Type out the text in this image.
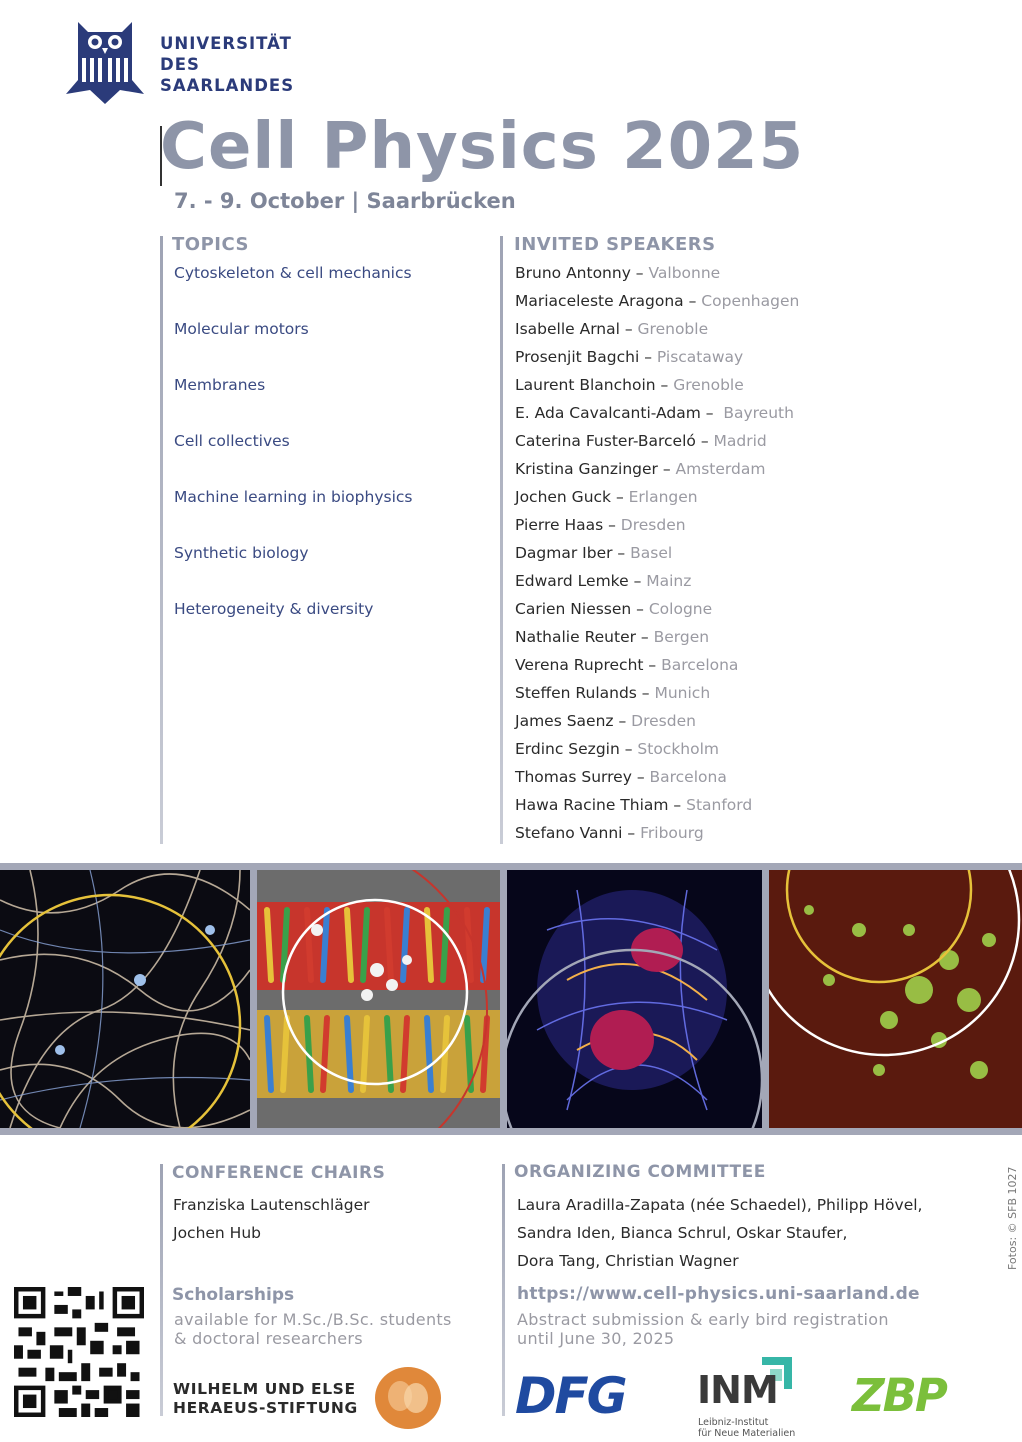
UNIVERSITÄT
DES
SAARLANDES
Cell Physics 2025
7. - 9. October | Saarbrücken
TOPICS
Cytoskeleton & cell mechanics
Molecular motors
Membranes
Cell collectives
Machine learning in biophysics
Synthetic biology
Heterogeneity & diversity
INVITED SPEAKERS
Bruno Antonny – Valbonne
Mariaceleste Aragona – Copenhagen
Isabelle Arnal – Grenoble
Prosenjit Bagchi – Piscataway
Laurent Blanchoin – Grenoble
E. Ada Cavalcanti-Adam –  Bayreuth
Caterina Fuster-Barceló – Madrid
Kristina Ganzinger – Amsterdam
Jochen Guck – Erlangen
Pierre Haas – Dresden
Dagmar Iber – Basel
Edward Lemke – Mainz
Carien Niessen – Cologne
Nathalie Reuter – Bergen
Verena Ruprecht – Barcelona
Steffen Rulands – Munich
James Saenz – Dresden
Erdinc Sezgin – Stockholm
Thomas Surrey – Barcelona
Hawa Racine Thiam – Stanford
Stefano Vanni – Fribourg
CONFERENCE CHAIRS
Franziska Lautenschläger
Jochen Hub
ORGANIZING COMMITTEE
Laura Aradilla-Zapata (née Schaedel), Philipp Hövel,
Sandra Iden, Bianca Schrul, Oskar Staufer,
Dora Tang, Christian Wagner
Scholarships
available for M.Sc./B.Sc. students
& doctoral researchers
https://www.cell-physics.uni-saarland.de
Abstract submission & early bird registration
until June 30, 2025
WILHELM UND ELSE
HERAEUS-STIFTUNG	DFG INM
Leibniz-Institut
für Neue Materialien
ZBP
Fotos: © SFB 1027
